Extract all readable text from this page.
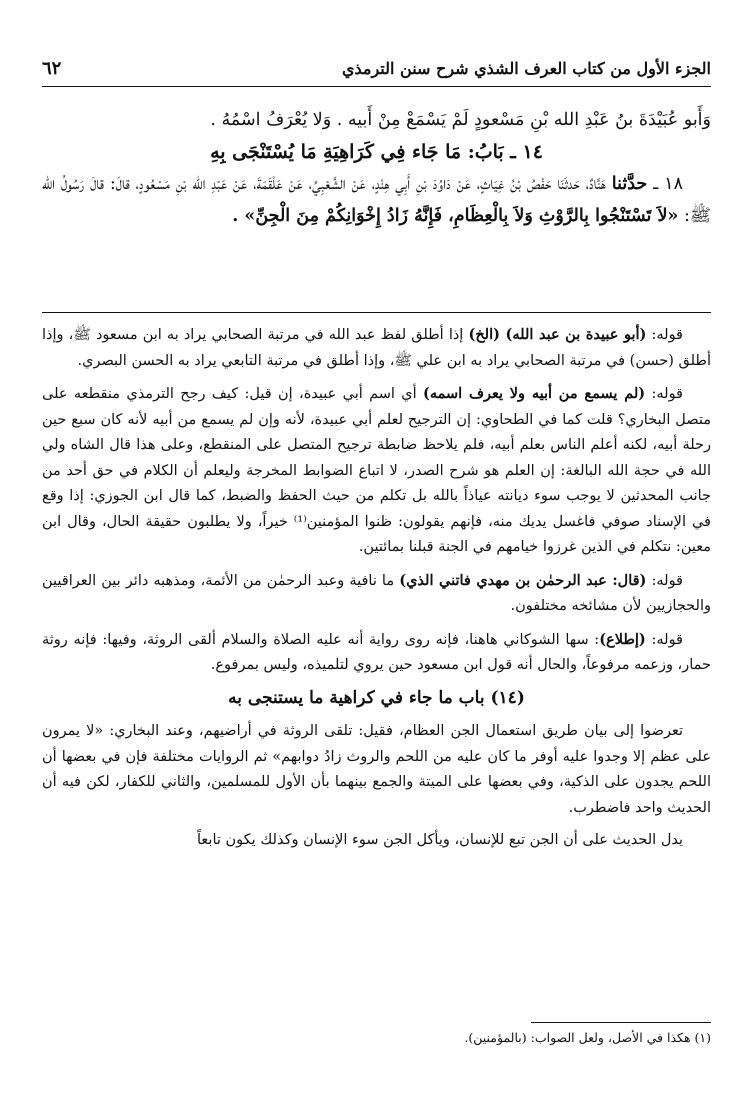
الجزء الأول من كتاب العرف الشذي شرح سنن الترمذي
٦٢

وَأَبو عُبَيْدَةَ بنُ عَبْدِ الله بْنِ مَسْعودٍ لَمْ يَسْمَعْ مِنْ أَبيه . وَلا يُعْرَفُ اسْمُهُ .

١٤ ـ بَابُ: مَا جَاء فِي كَرَاهِيَةِ مَا يُسْتَنْجَى بِهِ

١٨ ـ حدَّثنا هَنَّادٌ، حَدثَنَا حَفْصُ بْنُ غِيَاثٍ، عَنْ دَاوُدَ بْنِ أَبِي هِنْدٍ، عَنْ الشَّعْبِيِّ، عَنْ عَلْقَمَةَ، عَنْ عَبْدِ الله بْنِ مَسْعُودٍ، قالَ: قالَ رَسُولُ الله ﷺ: «لاَ تَسْتَنْجُوا بِالرَّوْثِ وَلاَ بِالْعِظَامِ، فَإِنَّهُ زَادُ إِخْوَانِكُمْ مِنَ الْجِنِّ» .

قوله: (أبو عبيدة بن عبد الله) (الخ) إذا أطلق لفظ عبد الله في مرتبة الصحابي يراد به ابن مسعود ﷺ، وإذا أطلق (حسن) في مرتبة الصحابي يراد به ابن علي ﷺ، وإذا أطلق في مرتبة التابعي يراد به الحسن البصري.

قوله: (لم يسمع من أبيه ولا يعرف اسمه) أي اسم أبي عبيدة، إن قيل: كيف رجح الترمذي منقطعه على متصل البخاري؟ قلت كما في الطحاوي: إن الترجيح لعلم أبي عبيدة، لأنه وإن لم يسمع من أبيه لأنه كان سبع حين رحلة أبيه، لكنه أعلم الناس بعلم أبيه، فلم يلاحظ ضابطة ترجيح المتصل على المنقطع، وعلى هذا قال الشاه ولي الله في حجة الله البالغة: إن العلم هو شرح الصدر، لا اتباع الضوابط المخرجة وليعلم أن الكلام في حق أحد من جانب المحدثين لا يوجب سوء ديانته عياذاً بالله بل تكلم من حيث الحفظ والضبط، كما قال ابن الجوزي: إذا وقع في الإسناد صوفي فاغسل يديك منه، فإنهم يقولون: ظنوا المؤمنين⁽¹⁾ خيراً، ولا يطلبون حقيقة الحال، وقال ابن معين: نتكلم في الذين غرزوا خيامهم في الجنة قبلنا بمائتين.

قوله: (قال: عبد الرحمٰن بن مهدي فاتني الذي) ما نافية وعبد الرحمٰن من الأئمة، ومذهبه دائر بين العراقيين والحجازيين لأن مشائخه مختلفون.

قوله: (إطلاع): سها الشوكاني هاهنا، فإنه روى رواية أنه عليه الصلاة والسلام ألقى الروثة، وفيها: فإنه روثة حمار، وزعمه مرفوعاً، والحال أنه قول ابن مسعود حين يروي لتلميذه، وليس بمرفوع.

(١٤) باب ما جاء في كراهية ما يستنجى به

تعرضوا إلى بيان طريق استعمال الجن العظام، فقيل: تلقى الروثة في أراضيهم، وعند البخاري: «لا يمرون على عظم إلا وجدوا عليه أوفر ما كان عليه من اللحم والروث زادُ دوابهم» ثم الروايات مختلفة فإن في بعضها أن اللحم يجدون على الذكية، وفي بعضها على الميتة والجمع بينهما بأن الأول للمسلمين، والثاني للكفار، لكن فيه أن الحديث واحد فاضطرب.

يدل الحديث على أن الجن تبع للإنسان، ويأكل الجن سوء الإنسان وكذلك يكون تابعاً

(١) هكذا في الأصل، ولعل الصواب: (بالمؤمنين).
